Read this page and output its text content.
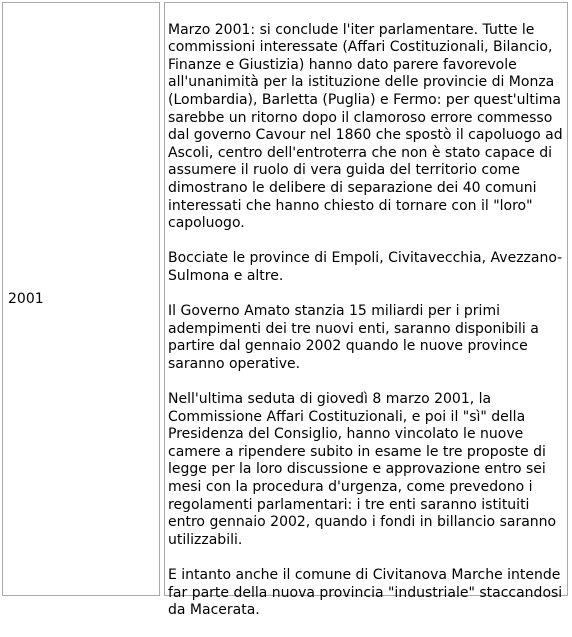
2001

Marzo 2001: si conclude l'iter parlamentare. Tutte le
commissioni interessate (Affari Costituzionali, Bilancio,
Finanze e Giustizia) hanno dato parere favorevole
all'unanimità per la istituzione delle provincie di Monza
(Lombardia), Barletta (Puglia) e Fermo: per quest'ultima
sarebbe un ritorno dopo il clamoroso errore commesso
dal governo Cavour nel 1860 che spostò il capoluogo ad
Ascoli, centro dell'entroterra che non è stato capace di
assumere il ruolo di vera guida del territorio come
dimostrano le delibere di separazione dei 40 comuni
interessati che hanno chiesto di tornare con il "loro"
capoluogo.

Bocciate le province di Empoli, Civitavecchia, Avezzano-
Sulmona e altre.

Il Governo Amato stanzia 15 miliardi per i primi
adempimenti dei tre nuovi enti, saranno disponibili a
partire dal gennaio 2002 quando le nuove province
saranno operative.

Nell'ultima seduta di giovedì 8 marzo 2001, la
Commissione Affari Costituzionali, e poi il "sì" della
Presidenza del Consiglio, hanno vincolato le nuove
camere a ripendere subito in esame le tre proposte di
legge per la loro discussione e approvazione entro sei
mesi con la procedura d'urgenza, come prevedono i
regolamenti parlamentari: i tre enti saranno istituiti
entro gennaio 2002, quando i fondi in billancio saranno
utilizzabili.

E intanto anche il comune di Civitanova Marche intende
far parte della nuova provincia "industriale" staccandosi
da Macerata.
